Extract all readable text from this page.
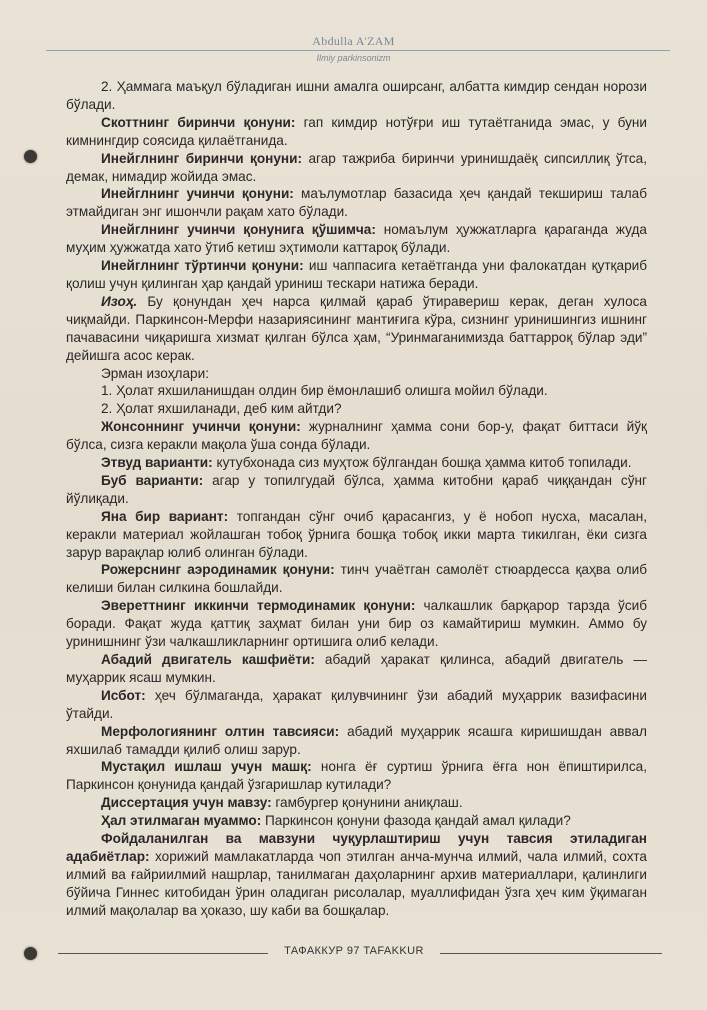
Abdulla A'ZAM
Ilmiy parkinsonizm

2. Ҳаммага маъқул бўладиган ишни амалга оширсанг, албатта кимдир сендан норози бўлади.

Скоттнинг биринчи қонуни: гап кимдир нотўғри иш тутаётганида эмас, у буни кимнингдир соясида қилаётганида.

Инейглнинг биринчи қонуни: агар тажриба биринчи уринишдаёқ сипсиллиқ ўтса, демак, нимадир жойида эмас.

Инейглнинг учинчи қонуни: маълумотлар базасида ҳеч қандай текшириш талаб этмайдиган энг ишончли рақам хато бўлади.

Инейглнинг учинчи қонунига қўшимча: номаълум ҳужжатларга қараганда жуда муҳим ҳужжатда хато ўтиб кетиш эҳтимоли каттароқ бўлади.

Инейглнинг тўртинчи қонуни: иш чаппасига кетаётганда уни фалокатдан қутқариб қолиш учун қилинган ҳар қандай уриниш тескари натижа беради.

Изоҳ. Бу қонундан ҳеч нарса қилмай қараб ўтиравериш керак, деган хулоса чиқмайди. Паркинсон-Мерфи назариясининг мантиғига кўра, сизнинг уринишингиз ишнинг пачавасини чиқаришга хизмат қилган бўлса ҳам, “Уринмаганимизда баттарроқ бўлар эди” дейишга асос керак.

Эрман изоҳлари:

1. Ҳолат яхшиланишдан олдин бир ёмонлашиб олишга мойил бўлади.

2. Ҳолат яхшиланади, деб ким айтди?

Жонсоннинг учинчи қонуни: журналнинг ҳамма сони бор-у, фақат биттаси йўқ бўлса, сизга керакли мақола ўша сонда бўлади.

Этвуд варианти: кутубхонада сиз муҳтож бўлгандан бошқа ҳамма китоб топилади.

Буб варианти: агар у топилгудай бўлса, ҳамма китобни қараб чиққандан сўнг йўлиқади.

Яна бир вариант: топгандан сўнг очиб қарасангиз, у ё нобоп нусха, масалан, керакли материал жойлашган тобоқ ўрнига бошқа тобоқ икки марта тикилган, ёки сизга зарур варақлар юлиб олинган бўлади.

Рожерснинг аэродинамик қонуни: тинч учаётган самолёт стюардесса қаҳва олиб келиши билан силкина бошлайди.

Эвереттнинг иккинчи термодинамик қонуни: чалкашлик барқарор тарзда ўсиб боради. Фақат жуда қаттиқ заҳмат билан уни бир оз камайтириш мумкин. Аммо бу уринишнинг ўзи чалкашликларнинг ортишига олиб келади.

Абадий двигатель кашфиёти: абадий ҳаракат қилинса, абадий двигатель — муҳаррик ясаш мумкин.

Исбот: ҳеч бўлмаганда, ҳаракат қилувчининг ўзи абадий муҳаррик вазифасини ўтайди.

Мерфологиянинг олтин тавсияси: абадий муҳаррик ясашга киришишдан аввал яхшилаб тамадди қилиб олиш зарур.

Мустақил ишлаш учун машқ: нонга ёғ суртиш ўрнига ёғга нон ёпиштирилса, Паркинсон қонунида қандай ўзгаришлар кутилади?

Диссертация учун мавзу: гамбургер қонунини аниқлаш.

Ҳал этилмаган муаммо: Паркинсон қонуни фазода қандай амал қилади?

Фойдаланилган ва мавзуни чуқурлаштириш учун тавсия этиладиган адабиётлар: хорижий мамлакатларда чоп этилган анча-мунча илмий, чала илмий, сохта илмий ва ғайриилмий нашрлар, танилмаган даҳоларнинг архив материаллари, қалинлиги бўйича Гиннес китобидан ўрин оладиган рисолалар, муаллифидан ўзга ҳеч ким ўқимаган илмий мақолалар ва ҳоказо, шу каби ва бошқалар.

ТАФАККУР 97 TAFAKKUR
